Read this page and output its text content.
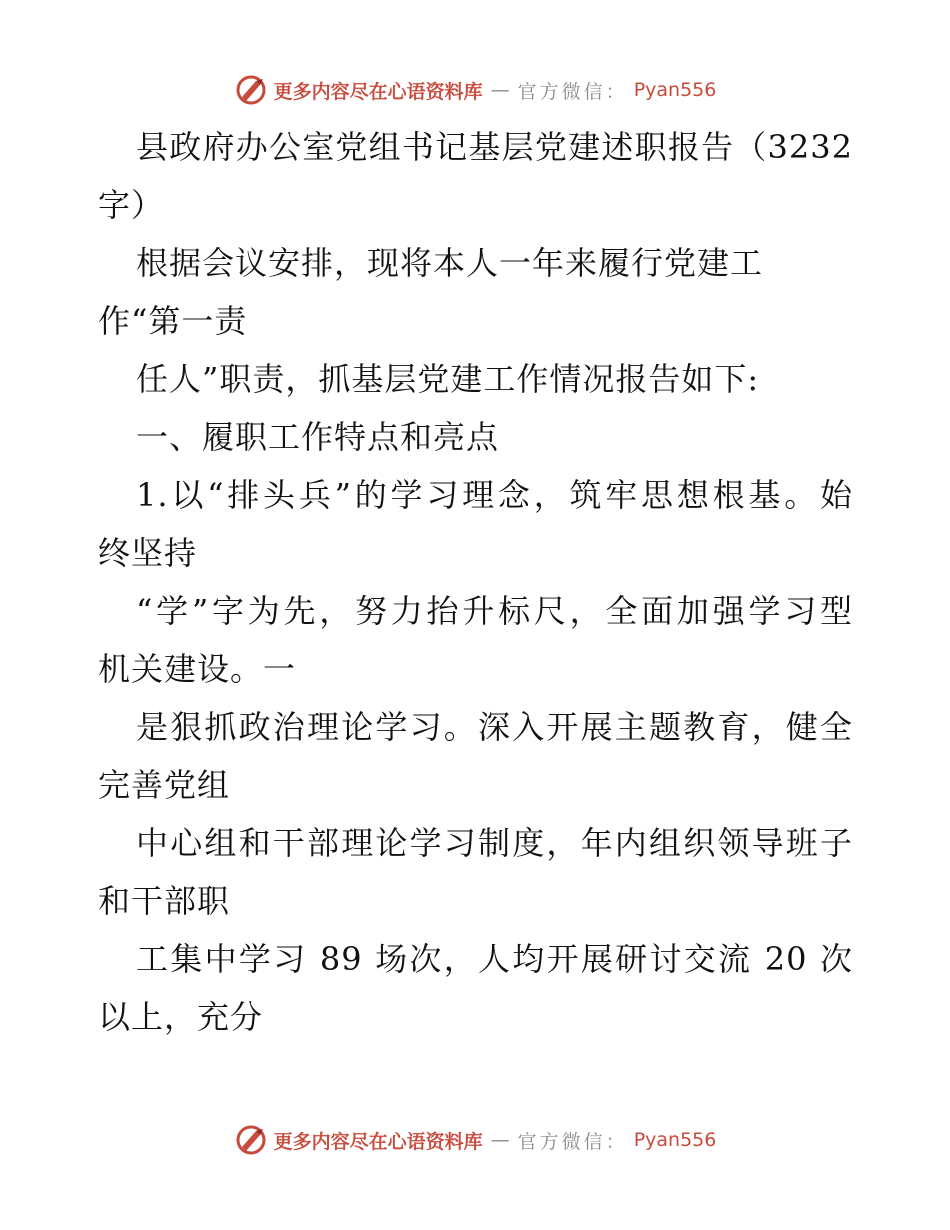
更多内容尽在心语资料库 — 官方微信： Pyan556
县政府办公室党组书记基层党建述职报告（3232
字）
根据会议安排，现将本人一年来履行党建工
作“第一责
任人”职责，抓基层党建工作情况报告如下:
一、履职工作特点和亮点
1.以“排头兵”的学习理念，筑牢思想根基。始
终坚持
“学”字为先，努力抬升标尺，全面加强学习型
机关建设。一
是狠抓政治理论学习。深入开展主题教育，健全
完善党组
中心组和干部理论学习制度，年内组织领导班子
和干部职
工集中学习 89 场次，人均开展研讨交流 20 次
以上，充分
更多内容尽在心语资料库 — 官方微信： Pyan556
